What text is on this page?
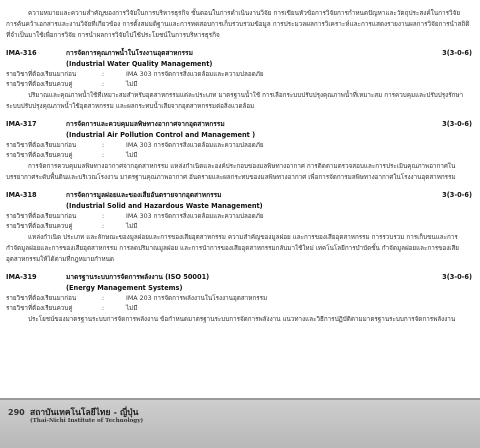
ความหมายและความสำคัญของการวิจัยในการบริหารธุรกิจ ขั้นตอนในการดำเนินงานวิจัย การเขียนหัวข้อการวิจัยการกำหนดปัญหาและวัตถุประสงค์ในการวิจัย การค้นคว้าเอกสารและงานวิจัยที่เกี่ยวข้อง การตั้งสมมติฐานและการทดสอบการเก็บรวบรวมข้อมูล การประมวลผลการวิเคราะห์และการแสดงรายงานผลการวิจัยการนำสถิติที่จำเป็นมาใช้เพื่อการวิจัย การนำผลการวิจัยไปใช้ประโยชน์ในการบริหารธุรกิจ

IMA-316	การจัดการคุณภาพน้ำในโรงงานอุตสาหกรรม	3(3-0-6)
(Industrial Water Quality Management)
รายวิชาที่ต้องเรียนมาก่อน	:	IMA 303 การจัดการสิ่งแวดล้อมและความปลอดภัย
รายวิชาที่ต้องเรียนควบคู่	:	ไม่มี

ปริมาณและคุณภาพน้ำใช้ที่เหมาะสมสำหรับอุตสาหกรรมแต่ละประเภท มาตรฐานน้ำใช้ การเลือกระบบปรับปรุงคุณภาพน้ำที่เหมาะสม การควบคุมและปรับปรุงรักษาระบบปรับปรุงคุณภาพน้ำใช้อุตสาหกรรม และผลกระทบน้ำเสียจากอุตสาหกรรมต่อสิ่งแวดล้อม

IMA-317	การจัดการและควบคุมมลพิษทางอากาศจากอุตสาหกรรม	3(3-0-6)
(Industrial Air Pollution Control and Management )
รายวิชาที่ต้องเรียนมาก่อน	:	IMA 303 การจัดการสิ่งแวดล้อมและความปลอดภัย
รายวิชาที่ต้องเรียนควบคู่	:	ไม่มี

การจัดการควบคุมมลพิษทางอากาศจากอุตสาหกรรม แหล่งกำเนิดและองค์ประกอบของมลพิษทางอากาศ การติดตามตรวจสอบและการประเมินคุณภาพอากาศในบรรยากาศระดับพื้นดินและบริเวณโรงงาน มาตรฐานคุณภาพอากาศ อันตรายและผลกระทบของมลพิษทางอากาศ เพื่อการจัดการมลพิษทางอากาศในโรงงานอุตสาหกรรม

IMA-318	การจัดการมูลฝอยและของเสียอันตรายจากอุตสาหกรรม	3(3-0-6)
(Industrial Solid and Hazardous Waste Management)
รายวิชาที่ต้องเรียนมาก่อน	:	IMA 303 การจัดการสิ่งแวดล้อมและความปลอดภัย
รายวิชาที่ต้องเรียนควบคู่	:	ไม่มี

แหล่งกำเนิด ประเภท และลักษณะของมูลฝอยและการของเสียอุตสาหกรรม ความสำคัญของมูลฝอย และการของเสียอุตสาหกรรม การรวบรวม การเก็บขนและการกำจัดมูลฝอยและการของเสียอุตสาหกรรม การลดปริมาณมูลฝอย และการนำการของเสียอุตสาหกรรมกลับมาใช้ใหม่ เทคโนโลยีการบำบัดขั้น กำจัดมูลฝอยและการของเสียอุตสาหกรรมให้ได้ตามที่กฎหมายกำหนด

IMA-319	มาตรฐานระบบการจัดการพลังงาน (ISO 50001)	3(3-0-6)
(Energy Management Systems)
รายวิชาที่ต้องเรียนมาก่อน	:	IMA 203 การจัดการพลังงานในโรงงานอุตสาหกรรม
รายวิชาที่ต้องเรียนควบคู่	:	ไม่มี

ประโยชน์ของมาตรฐานระบบการจัดการพลังงาน ข้อกำหนดมาตรฐานระบบการจัดการพลังงาน แนวทางและวิธีการปฏิบัติตามมาตรฐานระบบการจัดการพลังงาน

290 สถาบันเทคโนโลยีไทย - ญี่ปุ่น
(Thai-Nichi Institute of Technology)
